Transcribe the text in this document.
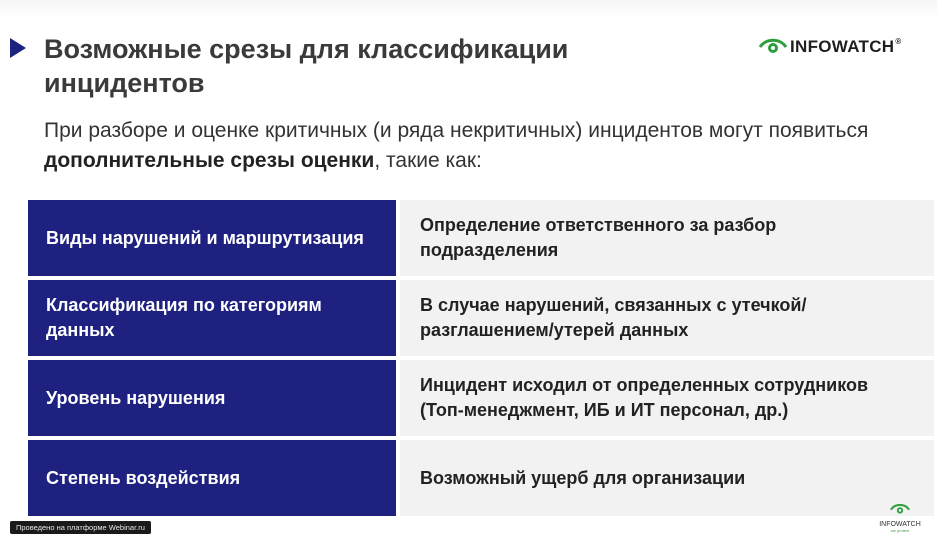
Возможные срезы для классификации инцидентов
INFOWATCH®

При разборе и оценке критичных (и ряда некритичных) инцидентов могут появиться дополнительные срезы оценки, такие как:

Виды нарушений и маршрутизация
Определение ответственного за разбор подразделения
Классификация по категориям данных
В случае нарушений, связанных с утечкой/разглашением/утерей данных
Уровень нарушения
Инцидент исходил от определенных сотрудников (Топ-менеджмент, ИБ и ИТ персонал, др.)
Степень воздействия	Возможный ущерб для организации
Проведено на платформе Webinar.ru	INFOWATCH
we protect
